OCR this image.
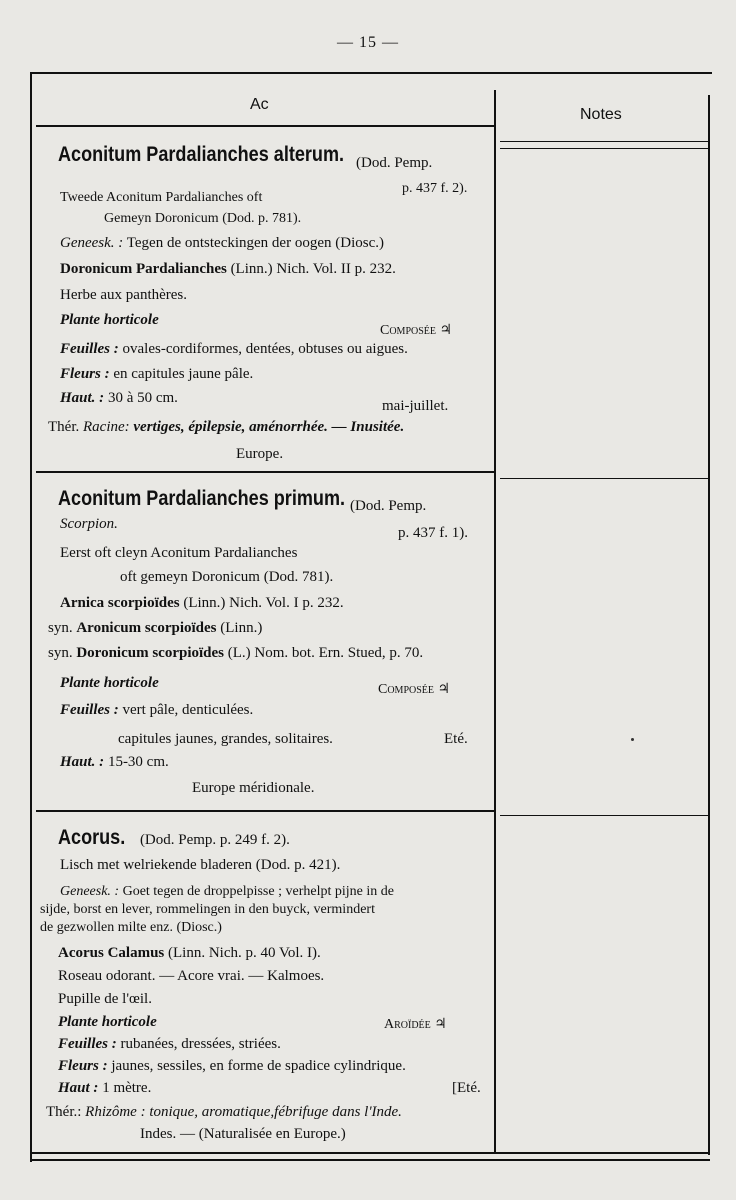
— 15 —
Ac
Notes
Aconitum Pardalianches alterum. (Dod. Pemp.
Tweede Aconitum Pardalianches oft
p. 437 f. 2).
Gemeyn Doronicum (Dod. p. 781).
Geneesk. : Tegen de ontsteckingen der oogen (Diosc.)
Doronicum Pardalianches (Linn.) Nich. Vol. II p. 232.
Herbe aux panthères.
Plante horticole
Composée ♃
Feuilles : ovales-cordiformes, dentées, obtuses ou aigues.
Fleurs : en capitules jaune pâle.
Haut. : 30 à 50 cm.	mai-juillet.
Thér. Racine: vertiges, épilepsie, aménorrhée. — Inusitée.
Europe.
Aconitum Pardalianches primum. (Dod. Pemp.
Scorpion.
p. 437 f. 1).
Eerst oft cleyn Aconitum Pardalianches
oft gemeyn Doronicum (Dod. 781).
Arnica scorpioïdes (Linn.) Nich. Vol. I p. 232.
syn. Aronicum scorpioïdes (Linn.)
syn. Doronicum scorpioïdes (L.) Nom. bot. Ern. Stued, p. 70.
Plante horticole	Composée ♃
Feuilles : vert pâle, denticulées.
capitules jaunes, grandes, solitaires.	Eté.
Haut. : 15-30 cm.
Europe méridionale.
Acorus. (Dod. Pemp. p. 249 f. 2).
Lisch met welriekende bladeren (Dod. p. 421).
Geneesk. : Goet tegen de droppelpisse ; verhelpt pijne in de
sijde, borst en lever, rommelingen in den buyck, vermindert
de gezwollen milte enz. (Diosc.)
Acorus Calamus (Linn. Nich. p. 40 Vol. I).
Roseau odorant. — Acore vrai. — Kalmoes.
Pupille de l'œil.
Plante horticole	Aroïdée ♃
Feuilles : rubanées, dressées, striées.
Fleurs : jaunes, sessiles, en forme de spadice cylindrique.
Haut : 1 mètre.	[Eté.
Thér.: Rhizôme : tonique, aromatique,fébrifuge dans l'Inde.
Indes. — (Naturalisée en Europe.)
